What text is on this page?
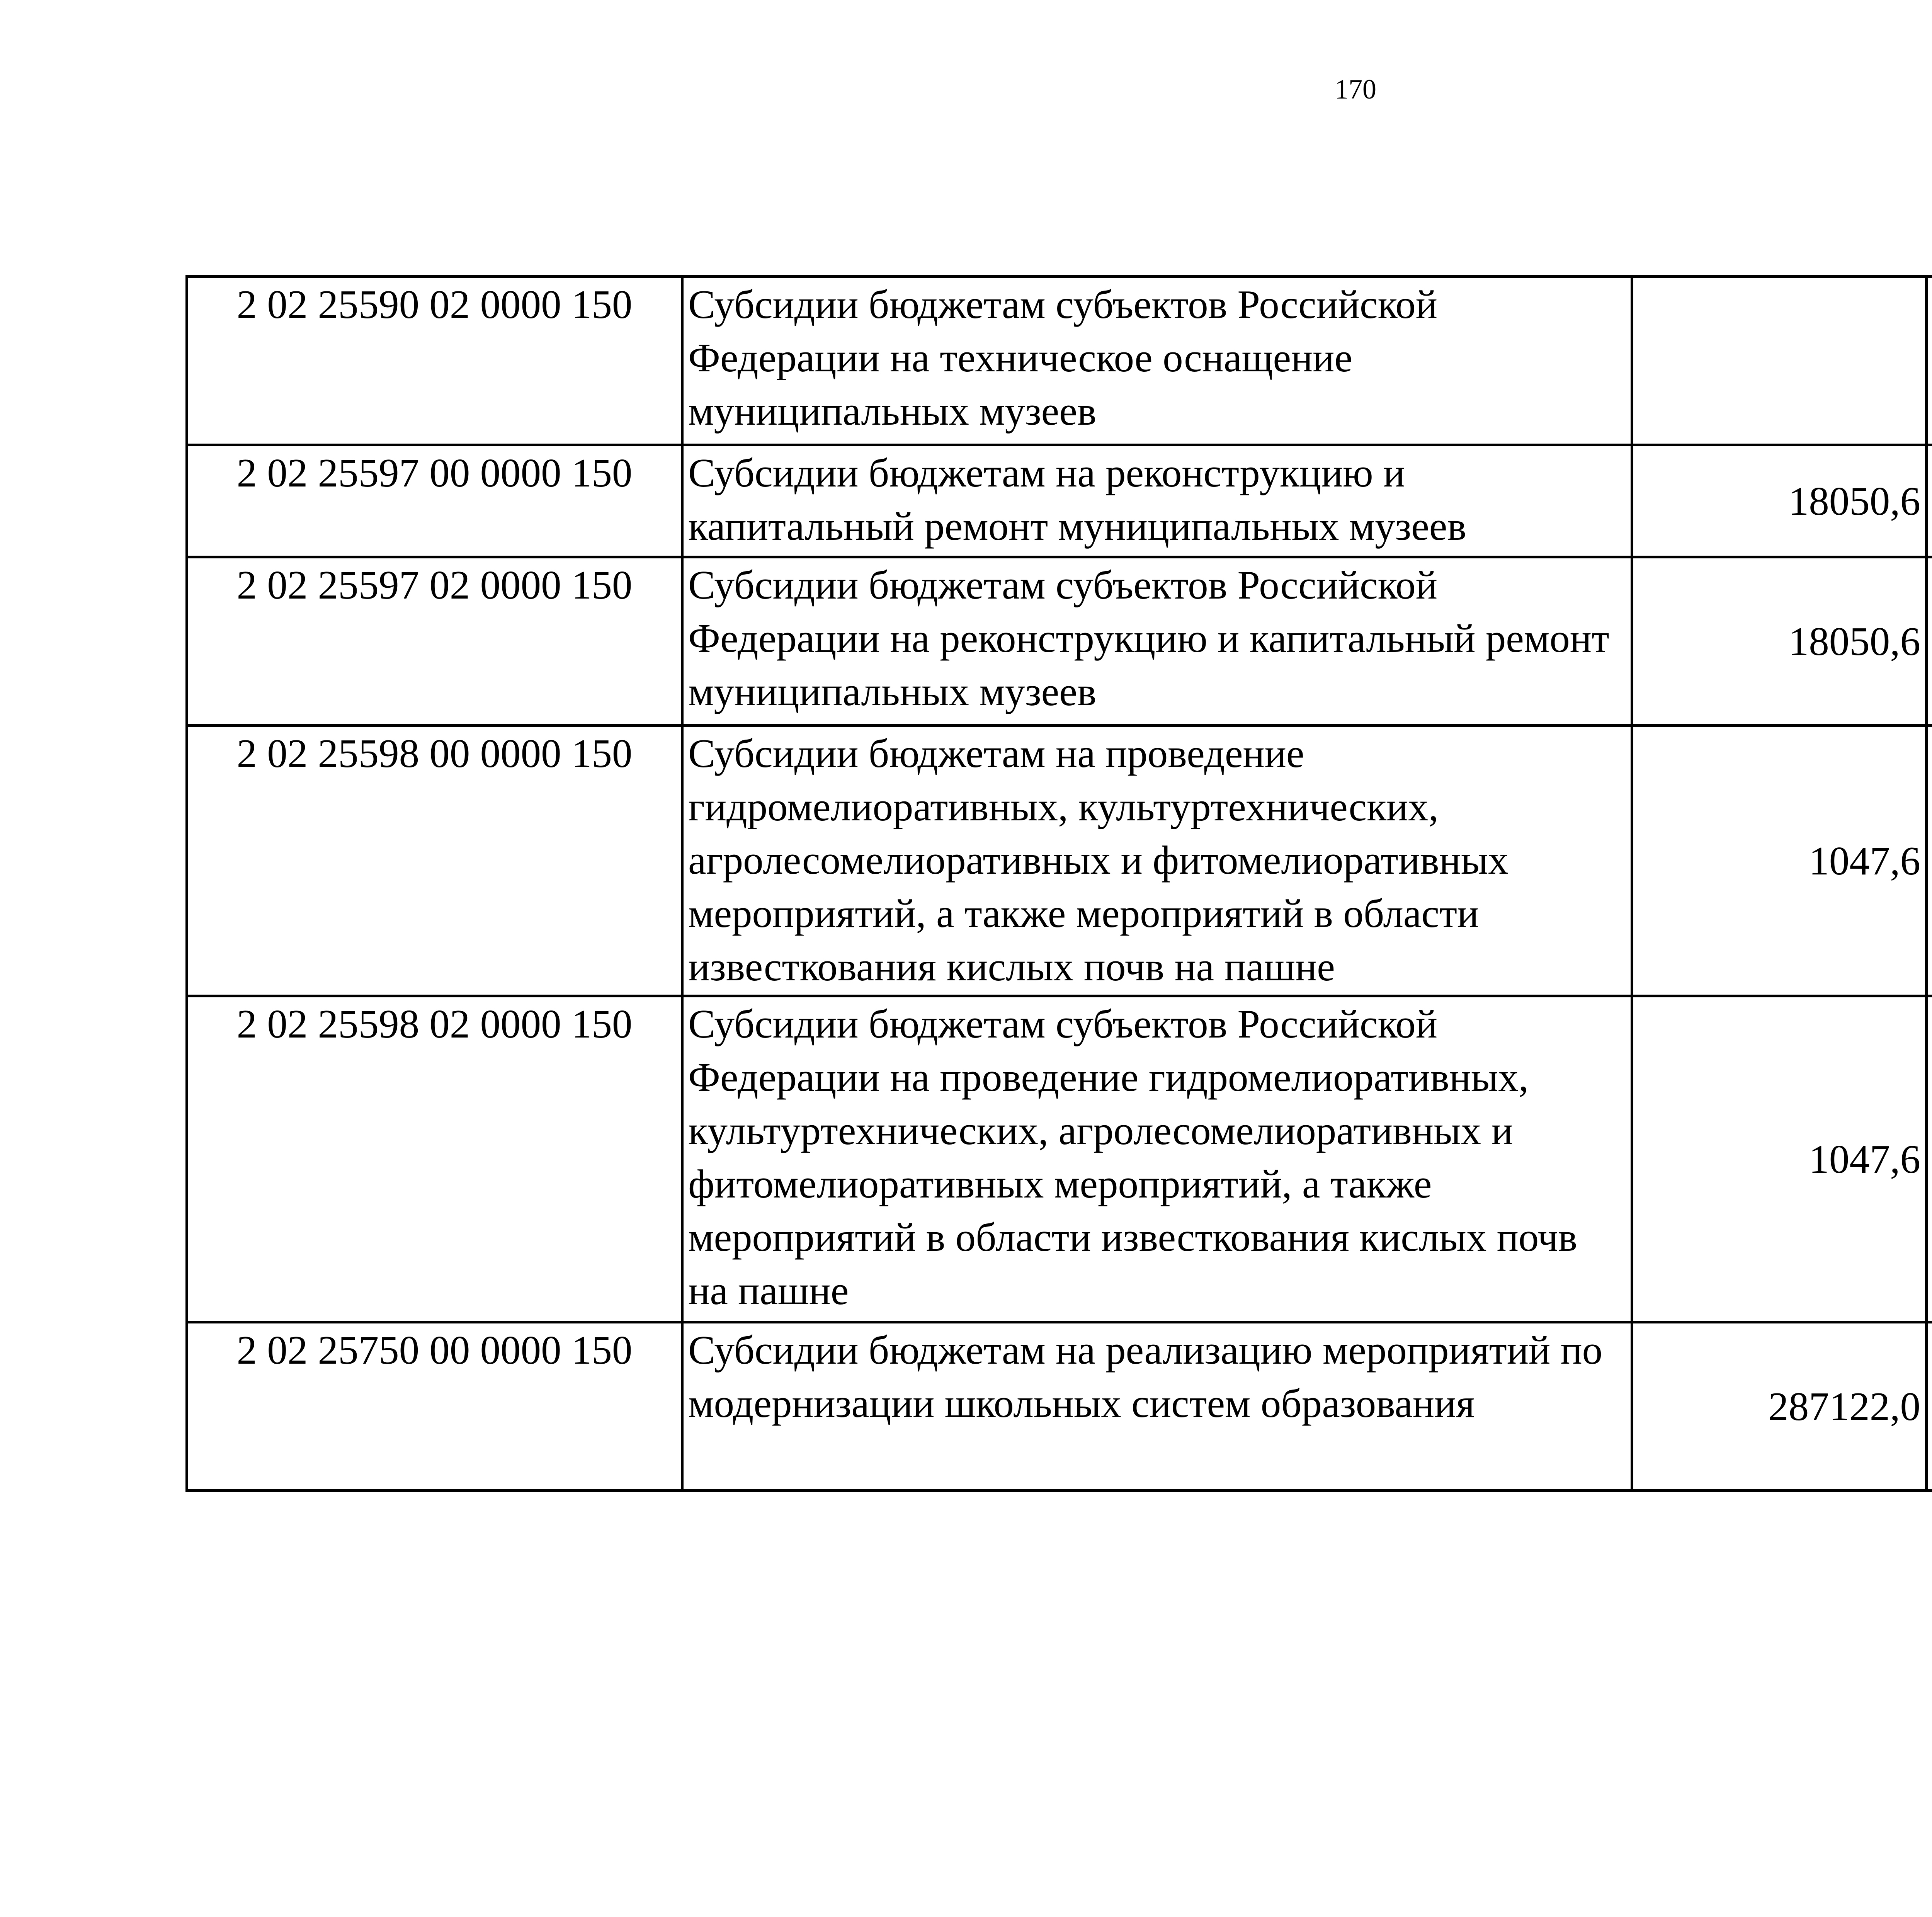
170
2 02 25590 02 0000 150	Субсидии бюджетам субъектов Российской Федерации на техническое оснащение муниципальных музеев			
2 02 25597 00 0000 150	Субсидии бюджетам на реконструкцию и капитальный ремонт муниципальных музеев	18050,6		
2 02 25597 02 0000 150	Субсидии бюджетам субъектов Российской Федерации на реконструкцию и капитальный ремонт муниципальных музеев	18050,6		
2 02 25598 00 0000 150	Субсидии бюджетам на проведение гидромелиоративных, культуртехнических, агролесомелиоративных и фитомелиоративных мероприятий, а также мероприятий в области известкования кислых почв на пашне	1047,6		
2 02 25598 02 0000 150	Субсидии бюджетам субъектов Российской Федерации на проведение гидромелиоративных, культуртехнических, агролесомелиоративных и фитомелиоративных мероприятий, а также мероприятий в области известкования кислых почв на пашне	1047,6		
2 02 25750 00 0000 150	Субсидии бюджетам на реализацию мероприятий по модернизации школьных систем образования	287122,0		
